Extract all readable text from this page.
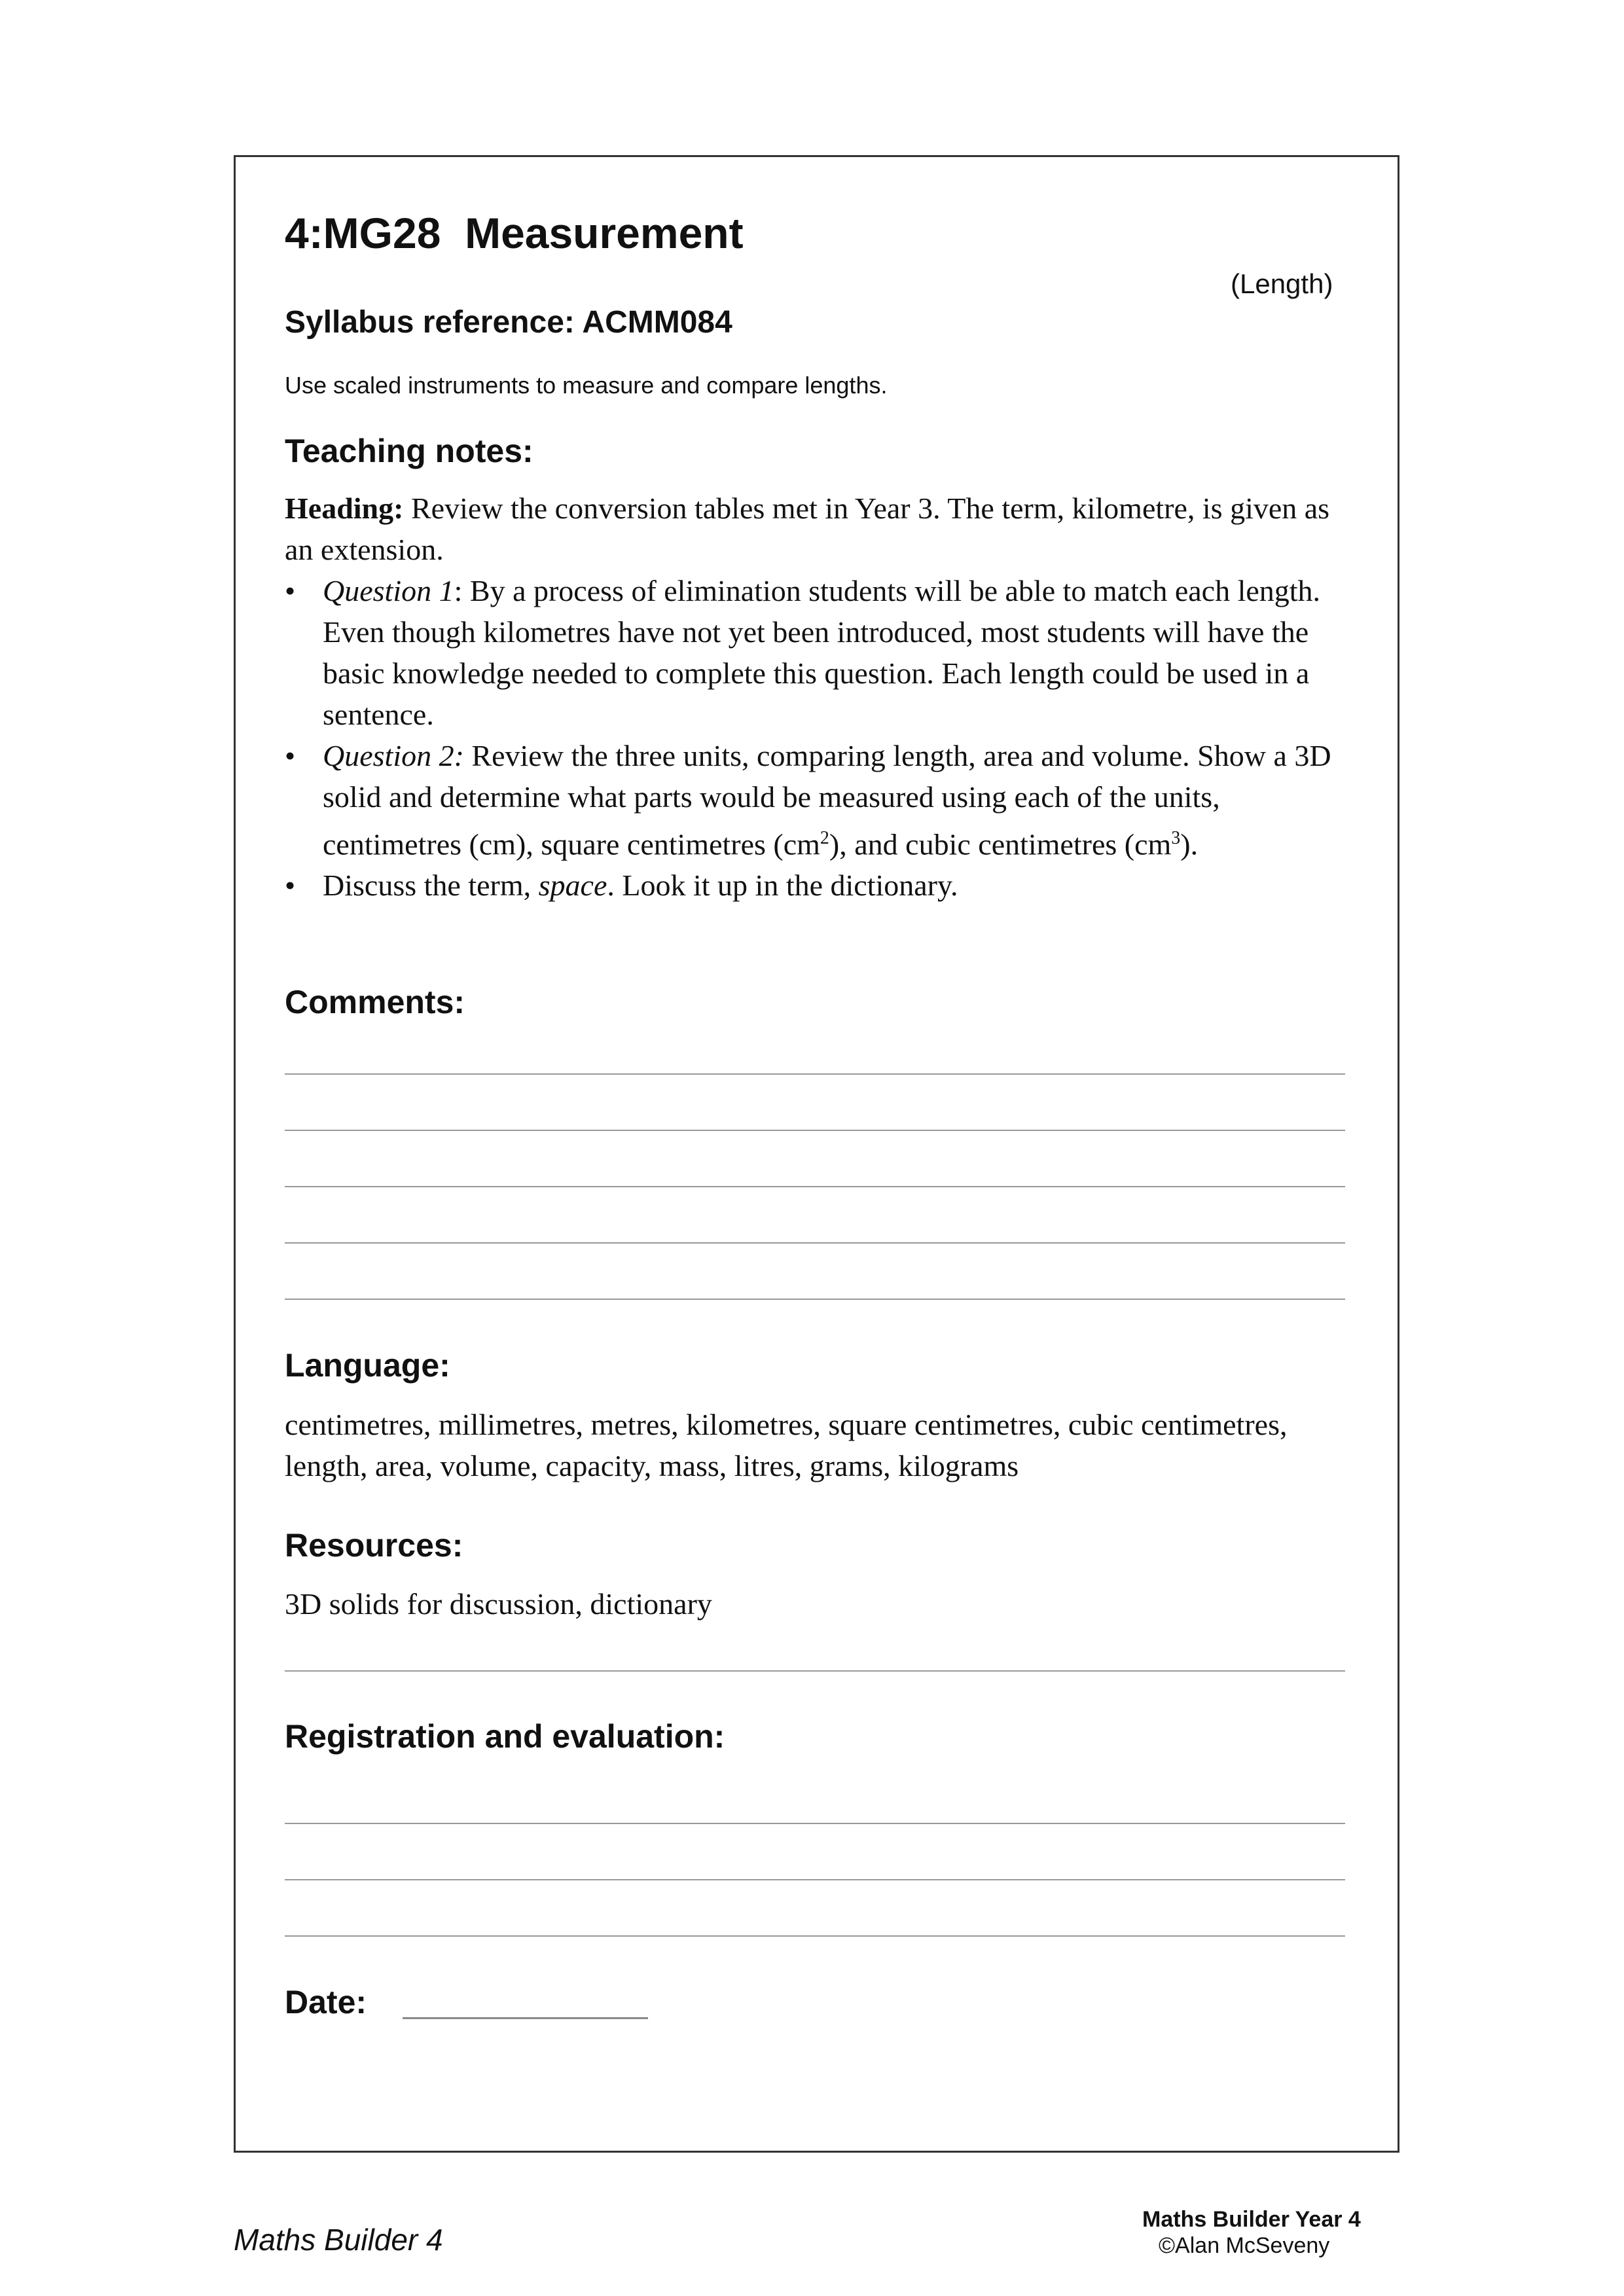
4:MG28  Measurement
(Length)
Syllabus reference: ACMM084
Use scaled instruments to measure and compare lengths.
Teaching notes:

Heading: Review the conversion tables met in Year 3. The term, kilometre, is given as an extension.

• Question 1: By a process of elimination students will be able to match each length. Even though kilometres have not yet been introduced, most students will have the basic knowledge needed to complete this question. Each length could be used in a sentence.
• Question 2: Review the three units, comparing length, area and volume. Show a 3D solid and determine what parts would be measured using each of the units, centimetres (cm), square centimetres $(cm^2)$, and cubic centimetres $(cm^3)$.
• Discuss the term, space. Look it up in the dictionary.
Comments:
Language:

centimetres, millimetres, metres, kilometres, square centimetres, cubic centimetres, length, area, volume, capacity, mass, litres, grams, kilograms

Resources:

3D solids for discussion, dictionary

Registration and evaluation:
Date:
Maths Builder 4
Maths Builder Year 4
©Alan McSeveny
